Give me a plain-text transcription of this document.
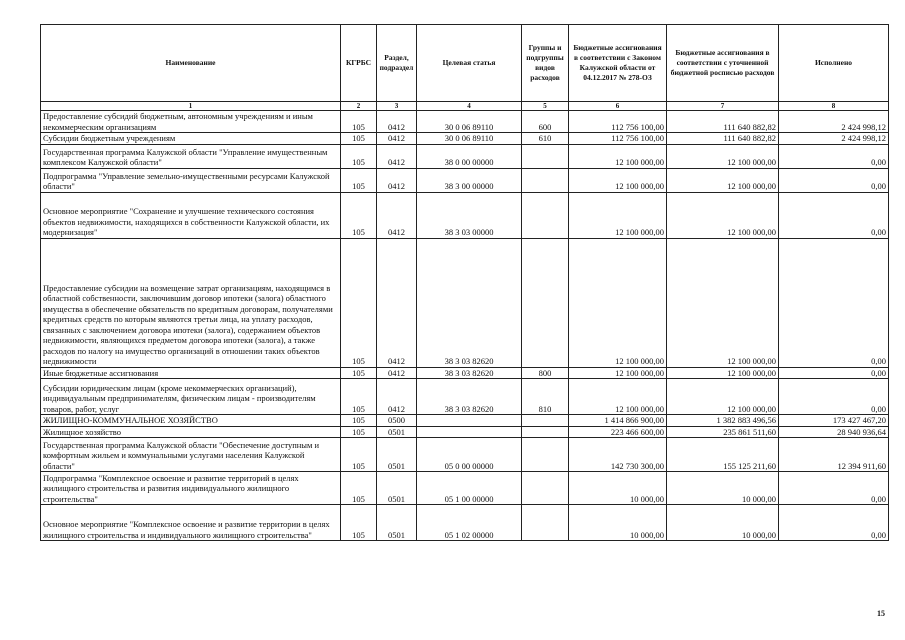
Наименование	КГРБС	Раздел, подраздел	Целевая статья	Группы и подгруппы видов расходов	Бюджетные ассигнования в соответствии с Законом Калужской области от 04.12.2017 № 278-ОЗ	Бюджетные ассигнования в соответствии с уточненной бюджетной росписью расходов	Исполнено
1	2	3	4	5	6	7	8
Предоставление субсидий бюджетным, автономным учреждениям и иным некоммерческим организациям	105	0412	30 0 06 89110	600	112 756 100,00	111 640 882,82	2 424 998,12
Субсидии бюджетным учреждениям	105	0412	30 0 06 89110	610	112 756 100,00	111 640 882,82	2 424 998,12
Государственная программа Калужской области "Управление имущественным комплексом Калужской области"	105	0412	38 0 00 00000		12 100 000,00	12 100 000,00	0,00
Подпрограмма "Управление земельно-имущественными ресурсами Калужской области"	105	0412	38 3 00 00000		12 100 000,00	12 100 000,00	0,00
Основное мероприятие "Сохранение и улучшение технического состояния объектов недвижимости, находящихся в собственности Калужской области, их модернизация"	105	0412	38 3 03 00000		12 100 000,00	12 100 000,00	0,00
Предоставление субсидии на возмещение затрат организациям, находящимся в областной собственности, заключившим договор ипотеки (залога) областного имущества в обеспечение обязательств по кредитным договорам, получателями кредитных средств по которым являются третьи лица, на уплату расходов, связанных с заключением договора ипотеки (залога), содержанием объектов недвижимости, являющихся предметом договора ипотеки (залога), а также расходов по налогу на имущество организаций в отношении таких объектов недвижимости	105	0412	38 3 03 82620		12 100 000,00	12 100 000,00	0,00
Иные бюджетные ассигнования	105	0412	38 3 03 82620	800	12 100 000,00	12 100 000,00	0,00
Субсидии юридическим лицам (кроме некоммерческих организаций), индивидуальным предпринимателям, физическим лицам - производителям товаров, работ, услуг	105	0412	38 3 03 82620	810	12 100 000,00	12 100 000,00	0,00
ЖИЛИЩНО-КОММУНАЛЬНОЕ ХОЗЯЙСТВО	105	0500			1 414 866 900,00	1 382 883 496,56	173 427 467,20
Жилищное хозяйство	105	0501			223 466 600,00	235 861 511,60	28 940 936,64
Государственная программа Калужской области "Обеспечение доступным и комфортным жильем и коммунальными услугами населения Калужской области"	105	0501	05 0 00 00000		142 730 300,00	155 125 211,60	12 394 911,60
Подпрограмма "Комплексное освоение и развитие территорий в целях жилищного строительства и развития индивидуального жилищного строительства"	105	0501	05 1 00 00000		10 000,00	10 000,00	0,00
Основное мероприятие "Комплексное освоение и развитие территории в целях жилищного строительства и индивидуального жилищного строительства"	105	0501	05 1 02 00000		10 000,00	10 000,00	0,00
15
